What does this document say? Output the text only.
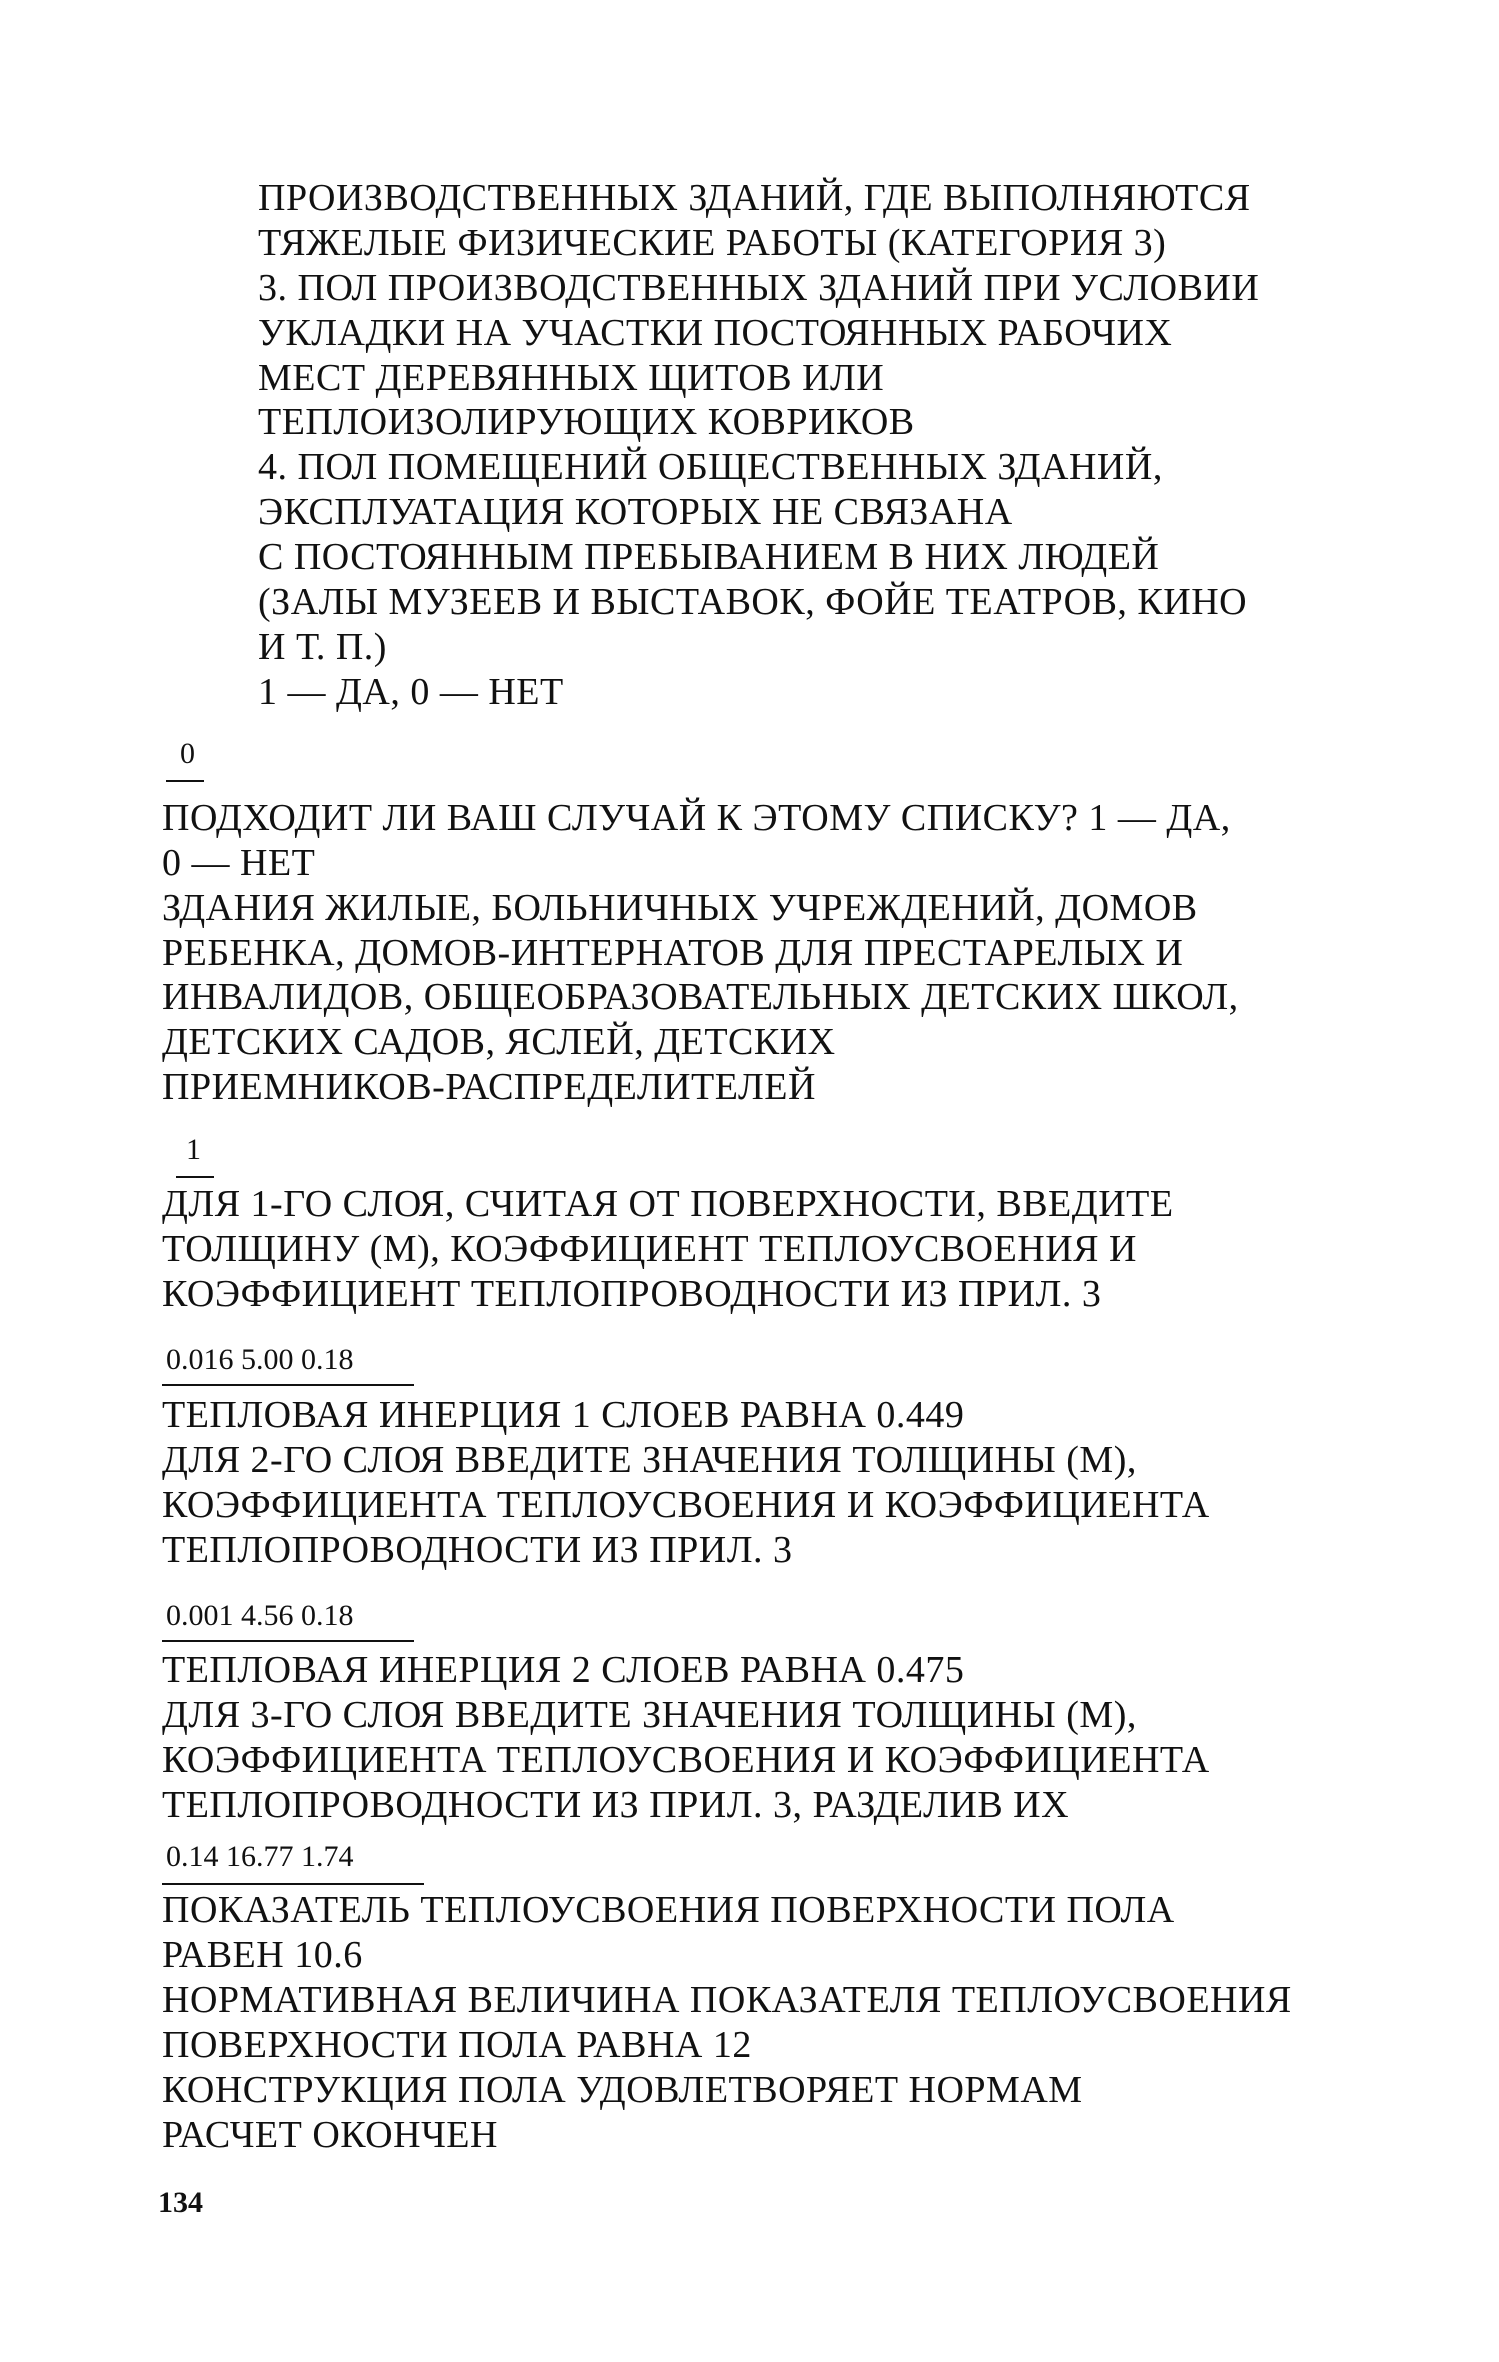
ПРОИЗВОДСТВЕННЫХ ЗДАНИЙ, ГДЕ ВЫПОЛНЯЮТСЯ
ТЯЖЕЛЫЕ ФИЗИЧЕСКИЕ РАБОТЫ (КАТЕГОРИЯ 3)
3. ПОЛ ПРОИЗВОДСТВЕННЫХ ЗДАНИЙ ПРИ УСЛОВИИ
УКЛАДКИ НА УЧАСТКИ ПОСТОЯННЫХ РАБОЧИХ
МЕСТ ДЕРЕВЯННЫХ ЩИТОВ ИЛИ
ТЕПЛОИЗОЛИРУЮЩИХ КОВРИКОВ
4. ПОЛ ПОМЕЩЕНИЙ ОБЩЕСТВЕННЫХ ЗДАНИЙ,
ЭКСПЛУАТАЦИЯ КОТОРЫХ НЕ СВЯЗАНА
С ПОСТОЯННЫМ ПРЕБЫВАНИЕМ В НИХ ЛЮДЕЙ
(ЗАЛЫ МУЗЕЕВ И ВЫСТАВОК, ФОЙЕ ТЕАТРОВ, КИНО
И Т. П.)
1 — ДА, 0 — НЕТ
0
ПОДХОДИТ ЛИ ВАШ СЛУЧАЙ К ЭТОМУ СПИСКУ? 1 — ДА,
0 — НЕТ
ЗДАНИЯ ЖИЛЫЕ, БОЛЬНИЧНЫХ УЧРЕЖДЕНИЙ, ДОМОВ
РЕБЕНКА, ДОМОВ-ИНТЕРНАТОВ ДЛЯ ПРЕСТАРЕЛЫХ И
ИНВАЛИДОВ, ОБЩЕОБРАЗОВАТЕЛЬНЫХ ДЕТСКИХ ШКОЛ,
ДЕТСКИХ САДОВ, ЯСЛЕЙ, ДЕТСКИХ
ПРИЕМНИКОВ-РАСПРЕДЕЛИТЕЛЕЙ
1
ДЛЯ 1-ГО СЛОЯ, СЧИТАЯ ОТ ПОВЕРХНОСТИ, ВВЕДИТЕ
ТОЛЩИНУ (М), КОЭФФИЦИЕНТ ТЕПЛОУСВОЕНИЯ И
КОЭФФИЦИЕНТ ТЕПЛОПРОВОДНОСТИ ИЗ ПРИЛ. 3
0.016 5.00 0.18
ТЕПЛОВАЯ ИНЕРЦИЯ 1 СЛОЕВ РАВНА 0.449
ДЛЯ 2-ГО СЛОЯ ВВЕДИТЕ ЗНАЧЕНИЯ ТОЛЩИНЫ (М),
КОЭФФИЦИЕНТА ТЕПЛОУСВОЕНИЯ И КОЭФФИЦИЕНТА
ТЕПЛОПРОВОДНОСТИ ИЗ ПРИЛ. 3
0.001 4.56 0.18
ТЕПЛОВАЯ ИНЕРЦИЯ 2 СЛОЕВ РАВНА 0.475
ДЛЯ 3-ГО СЛОЯ ВВЕДИТЕ ЗНАЧЕНИЯ ТОЛЩИНЫ (М),
КОЭФФИЦИЕНТА ТЕПЛОУСВОЕНИЯ И КОЭФФИЦИЕНТА
ТЕПЛОПРОВОДНОСТИ ИЗ ПРИЛ. 3, РАЗДЕЛИВ ИХ
0.14 16.77 1.74
ПОКАЗАТЕЛЬ ТЕПЛОУСВОЕНИЯ ПОВЕРХНОСТИ ПОЛА
РАВЕН 10.6
НОРМАТИВНАЯ ВЕЛИЧИНА ПОКАЗАТЕЛЯ ТЕПЛОУСВОЕНИЯ
ПОВЕРХНОСТИ ПОЛА РАВНА 12
КОНСТРУКЦИЯ ПОЛА УДОВЛЕТВОРЯЕТ НОРМАМ
РАСЧЕТ ОКОНЧЕН
134
